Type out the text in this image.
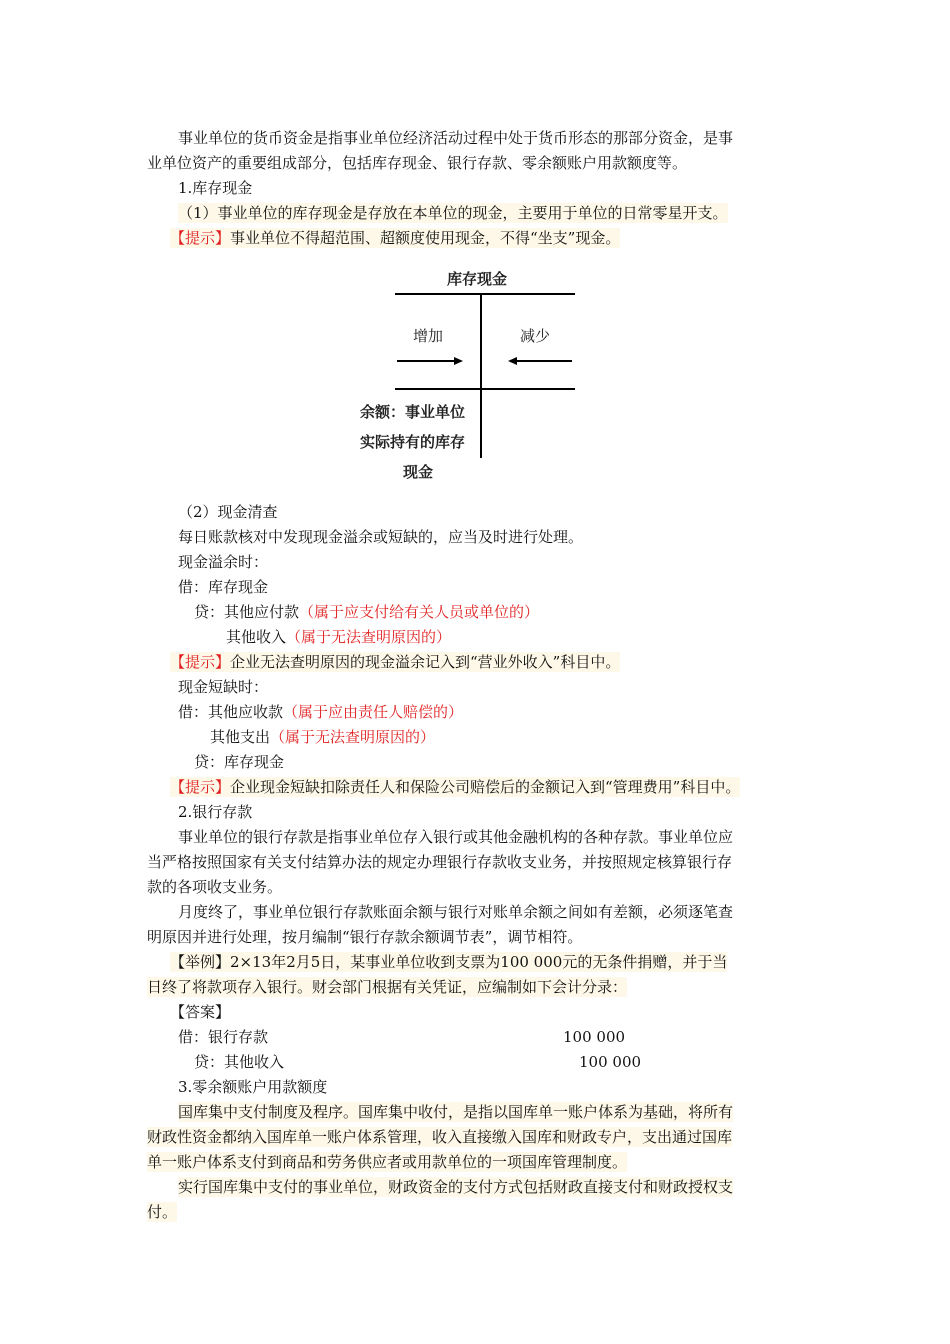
事业单位的货币资金是指事业单位经济活动过程中处于货币形态的那部分资金，是事
业单位资产的重要组成部分，包括库存现金、银行存款、零余额账户用款额度等。
1.库存现金
（1）事业单位的库存现金是存放在本单位的现金，主要用于单位的日常零星开支。
【提示】事业单位不得超范围、超额度使用现金，不得“坐支”现金。
库存现金
增加	减少
余额：事业单位
实际持有的库存
现金
（2）现金清查
每日账款核对中发现现金溢余或短缺的，应当及时进行处理。
现金溢余时：
借：库存现金
贷：其他应付款（属于应支付给有关人员或单位的）
其他收入（属于无法查明原因的）
【提示】企业无法查明原因的现金溢余记入到“营业外收入”科目中。
现金短缺时：
借：其他应收款（属于应由责任人赔偿的）
其他支出（属于无法查明原因的）
贷：库存现金
【提示】企业现金短缺扣除责任人和保险公司赔偿后的金额记入到“管理费用”科目中。
2.银行存款
事业单位的银行存款是指事业单位存入银行或其他金融机构的各种存款。事业单位应
当严格按照国家有关支付结算办法的规定办理银行存款收支业务，并按照规定核算银行存
款的各项收支业务。
月度终了，事业单位银行存款账面余额与银行对账单余额之间如有差额，必须逐笔查
明原因并进行处理，按月编制“银行存款余额调节表”，调节相符。
【举例】2×13年2月5日，某事业单位收到支票为100 000元的无条件捐赠，并于当
日终了将款项存入银行。财会部门根据有关凭证，应编制如下会计分录：
【答案】
借：银行存款	100 000
贷：其他收入	100 000
3.零余额账户用款额度
国库集中支付制度及程序。国库集中收付，是指以国库单一账户体系为基础，将所有
财政性资金都纳入国库单一账户体系管理，收入直接缴入国库和财政专户，支出通过国库
单一账户体系支付到商品和劳务供应者或用款单位的一项国库管理制度。
实行国库集中支付的事业单位，财政资金的支付方式包括财政直接支付和财政授权支
付。
